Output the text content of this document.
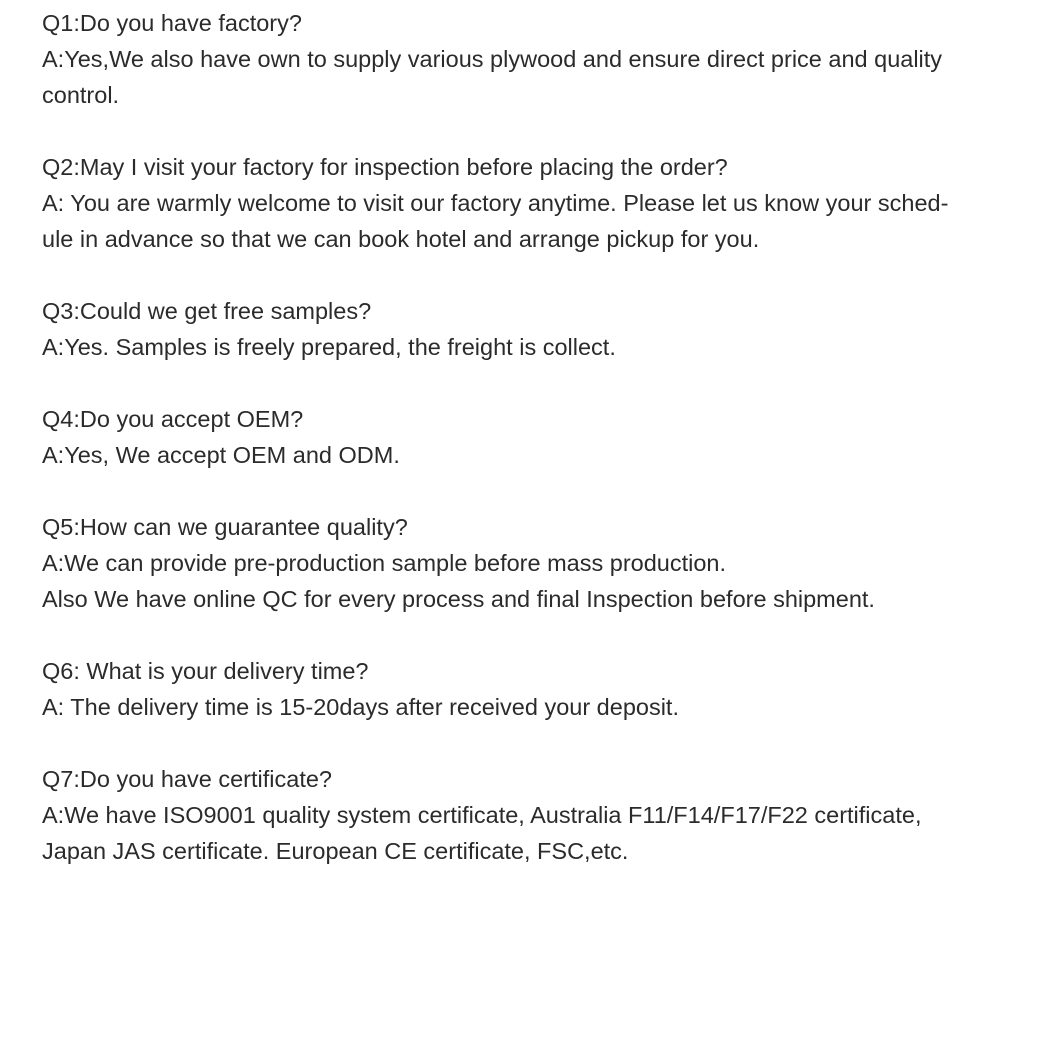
Q1:Do you have factory?
A:Yes,We also have own to supply various plywood and ensure direct price and quality
control.
Q2:May I visit your factory for inspection before placing the order?
A: You are warmly welcome to visit our factory anytime. Please let us know your sched-
ule in advance so that we can book hotel and arrange pickup for you.
Q3:Could we get free samples?
A:Yes. Samples is freely prepared, the freight is collect.
Q4:Do you accept OEM?
A:Yes, We accept OEM and ODM.
Q5:How can we guarantee quality?
A:We can provide pre-production sample before mass production.
Also We have online QC for every process and final Inspection before shipment.
Q6: What is your delivery time?
A: The delivery time is 15-20days after received your deposit.
Q7:Do you have certificate?
A:We have ISO9001 quality system certificate, Australia F11/F14/F17/F22 certificate,
Japan JAS certificate. European CE certificate, FSC,etc.
